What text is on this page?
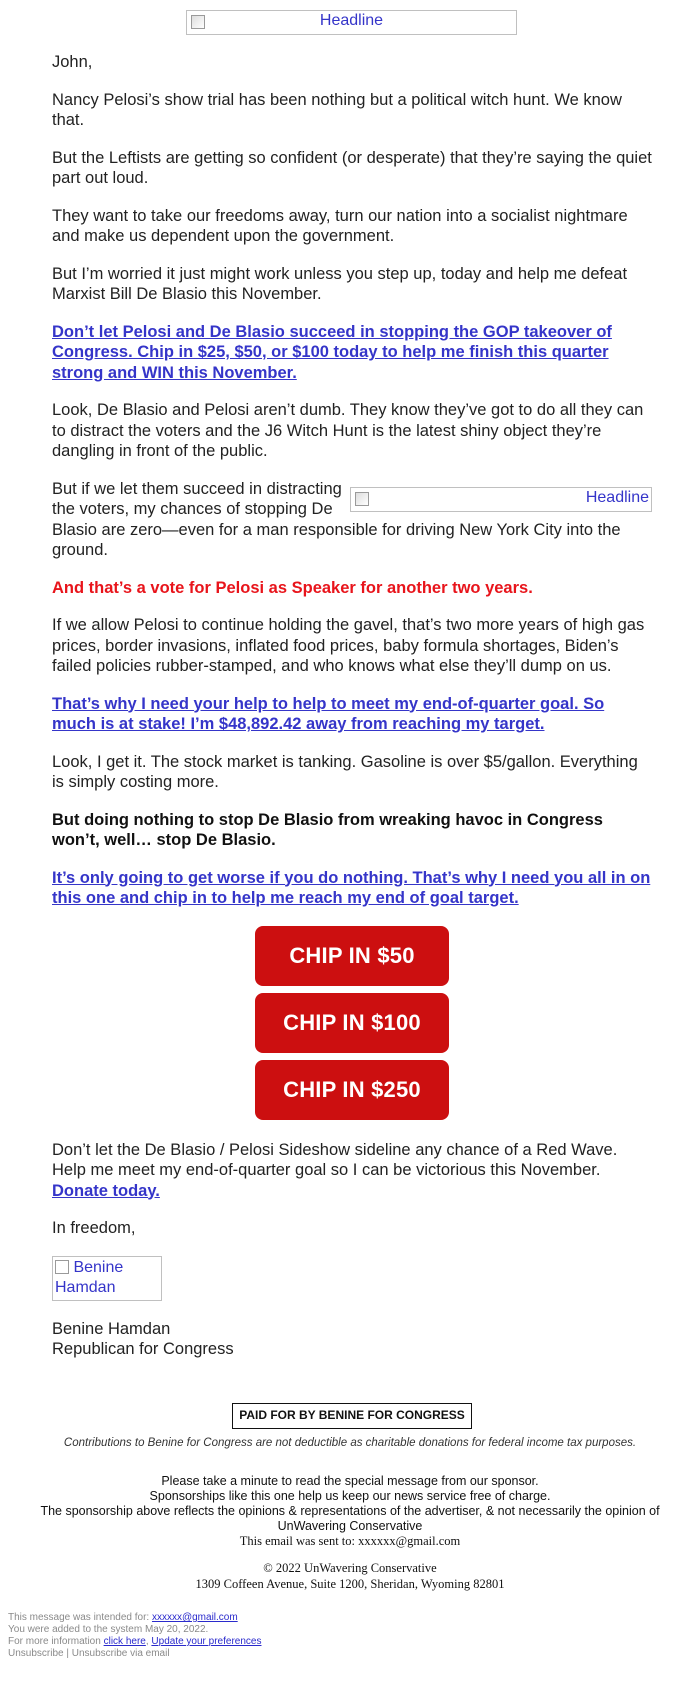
Headline

John,

Nancy Pelosi’s show trial has been nothing but a political witch hunt. We know that.

But the Leftists are getting so confident (or desperate) that they’re saying the quiet part out loud.

They want to take our freedoms away, turn our nation into a socialist nightmare and make us dependent upon the government.

But I’m worried it just might work unless you step up, today and help me defeat Marxist Bill De Blasio this November.

Don’t let Pelosi and De Blasio succeed in stopping the GOP takeover of Congress. Chip in $25, $50, or $100 today to help me finish this quarter strong and WIN this November.

Look, De Blasio and Pelosi aren’t dumb. They know they’ve got to do all they can to distract the voters and the J6 Witch Hunt is the latest shiny object they’re dangling in front of the public.

But if we let them succeed in distracting the voters, my chances of stopping De Blasio are zero—even for a man responsible for driving New York City into the ground.

And that’s a vote for Pelosi as Speaker for another two years.

If we allow Pelosi to continue holding the gavel, that’s two more years of high gas prices, border invasions, inflated food prices, baby formula shortages, Biden’s failed policies rubber-stamped, and who knows what else they’ll dump on us.

That’s why I need your help to help to meet my end-of-quarter goal. So much is at stake! I’m $48,892.42 away from reaching my target.

Look, I get it. The stock market is tanking. Gasoline is over $5/gallon. Everything is simply costing more.

But doing nothing to stop De Blasio from wreaking havoc in Congress won’t, well… stop De Blasio.

It’s only going to get worse if you do nothing. That’s why I need you all in on this one and chip in to help me reach my end of goal target.

CHIP IN $50
CHIP IN $100
CHIP IN $250

Don’t let the De Blasio / Pelosi Sideshow sideline any chance of a Red Wave. Help me meet my end-of-quarter goal so I can be victorious this November. Donate today.

In freedom,

Benine Hamdan
Benine Hamdan
Republican for Congress
Headline
PAID FOR BY BENINE FOR CONGRESS
Contributions to Benine for Congress are not deductible as charitable donations for federal income tax purposes.
Please take a minute to read the special message from our sponsor.
Sponsorships like this one help us keep our news service free of charge.
The sponsorship above reflects the opinions & representations of the advertiser, & not necessarily the opinion of UnWavering Conservative
This email was sent to: xxxxxx@gmail.com
© 2022 UnWavering Conservative
1309 Coffeen Avenue, Suite 1200, Sheridan, Wyoming 82801
This message was intended for: xxxxxx@gmail.com
You were added to the system May 20, 2022.
For more information click here, Update your preferences
Unsubscribe | Unsubscribe via email
